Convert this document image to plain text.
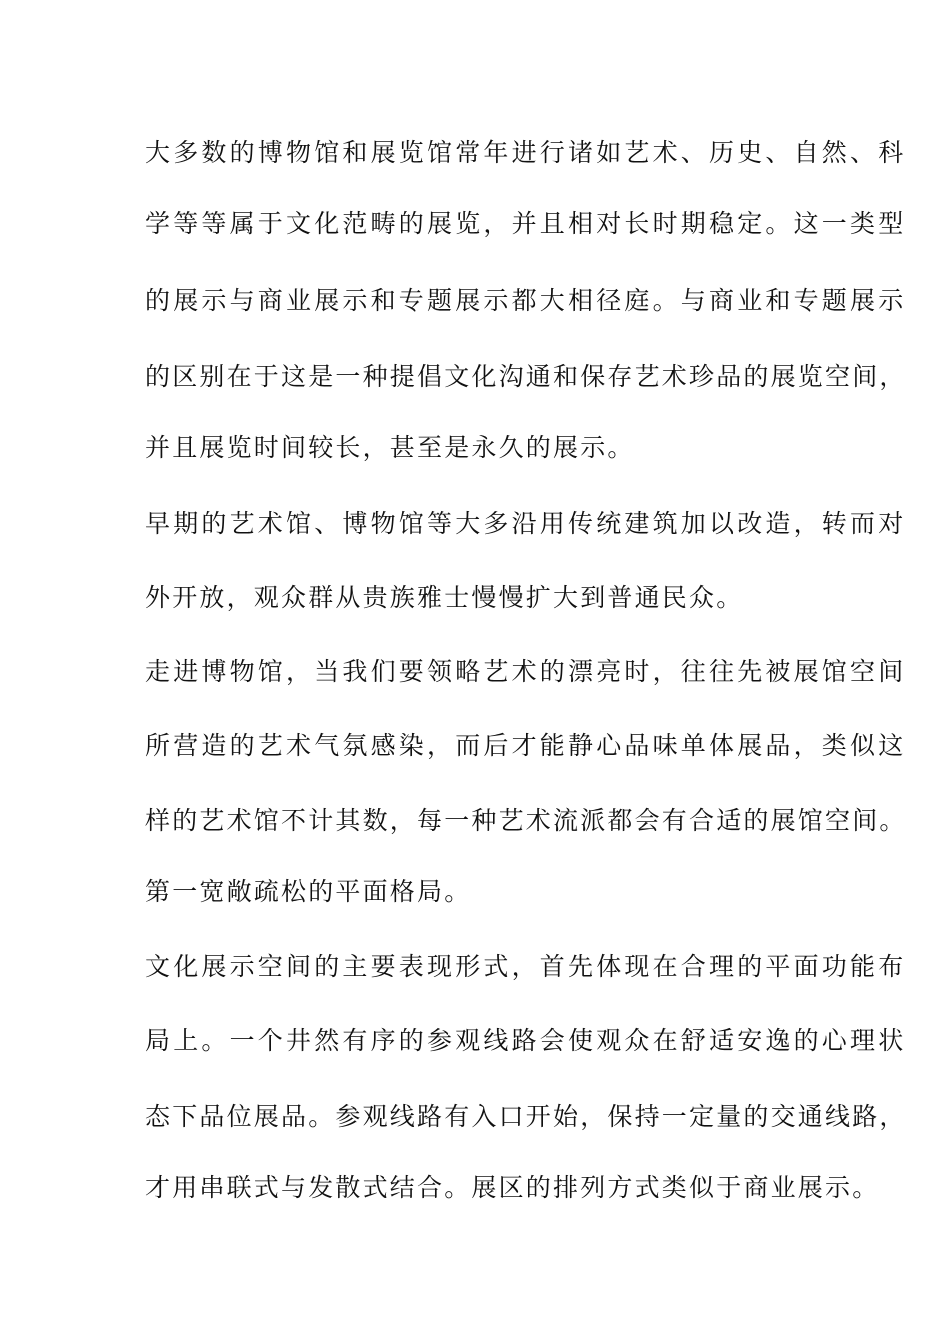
大多数的博物馆和展览馆常年进行诸如艺术、历史、自然、科

学等等属于文化范畴的展览，并且相对长时期稳定。这一类型

的展示与商业展示和专题展示都大相径庭。与商业和专题展示

的区别在于这是一种提倡文化沟通和保存艺术珍品的展览空间，

并且展览时间较长，甚至是永久的展示。

早期的艺术馆、博物馆等大多沿用传统建筑加以改造，转而对

外开放，观众群从贵族雅士慢慢扩大到普通民众。

走进博物馆，当我们要领略艺术的漂亮时，往往先被展馆空间

所营造的艺术气氛感染，而后才能静心品味单体展品，类似这

样的艺术馆不计其数，每一种艺术流派都会有合适的展馆空间。

第一宽敞疏松的平面格局。

文化展示空间的主要表现形式，首先体现在合理的平面功能布

局上。一个井然有序的参观线路会使观众在舒适安逸的心理状

态下品位展品。参观线路有入口开始，保持一定量的交通线路，

才用串联式与发散式结合。展区的排列方式类似于商业展示。
